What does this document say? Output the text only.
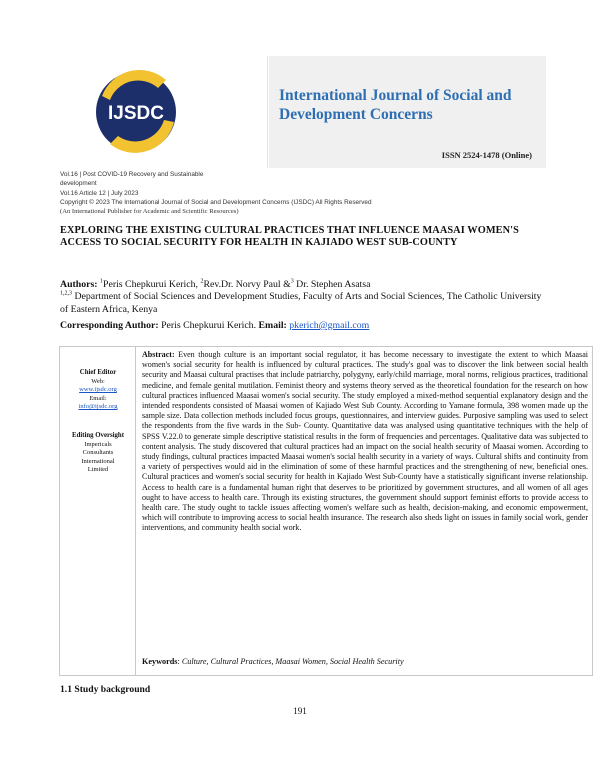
IJSDC
International Journal of Social and Development Concerns
ISSN 2524-1478 (Online)
Vol.16 | Post COVID-19 Recovery and Sustainable
development
Vol.16 Article 12 | July 2023
Copyright © 2023 The International Journal of Social and Development Concerns (IJSDC) All Rights Reserved
(An International Publisher for Academic and Scientific Resources)
EXPLORING THE EXISTING CULTURAL PRACTICES THAT INFLUENCE MAASAI WOMEN'S ACCESS TO SOCIAL SECURITY FOR HEALTH IN KAJIADO WEST SUB-COUNTY
Authors: $^1$Peris Chepkurui Kerich, $^2$Rev.Dr. Norvy Paul &$^3$ Dr. Stephen Asatsa
$^{1,2,3}$ Department of Social Sciences and Development Studies, Faculty of Arts and Social Sciences, The Catholic University of Eastern Africa, Kenya
Corresponding Author: Peris Chepkurui Kerich. Email: pkerich@gmail.com
Chief Editor
Web:
www.ijsdc.org
Email:
info@ijsdc.org
Editing Oversight
Impericals
Consultants
International
Limited
Abstract: Even though culture is an important social regulator, it has become necessary to investigate the extent to which Maasai women's social security for health is influenced by cultural practices. The study's goal was to discover the link between social health security and Maasai cultural practises that include patriarchy, polygyny, early/child marriage, moral norms, religious practices, traditional medicine, and female genital mutilation. Feminist theory and systems theory served as the theoretical foundation for the research on how cultural practices influenced Maasai women's social security. The study employed a mixed-method sequential explanatory design and the intended respondents consisted of Maasai women of Kajiado West Sub County. According to Yamane formula, 398 women made up the sample size. Data collection methods included focus groups, questionnaires, and interview guides. Purposive sampling was used to select the respondents from the five wards in the Sub- County. Quantitative data was analysed using quantitative techniques with the help of SPSS V.22.0 to generate simple descriptive statistical results in the form of frequencies and percentages. Qualitative data was subjected to content analysis. The study discovered that cultural practices had an impact on the social health security of Maasai women. According to study findings, cultural practices impacted Maasai women's social health security in a variety of ways. Cultural shifts and continuity from a variety of perspectives would aid in the elimination of some of these harmful practices and the strengthening of new, beneficial ones. Cultural practices and women's social security for health in Kajiado West Sub-County have a statistically significant inverse relationship. Access to health care is a fundamental human right that deserves to be prioritized by government structures, and all women of all ages ought to have access to health care. Through its existing structures, the government should support feminist efforts to provide access to health care. The study ought to tackle issues affecting women's welfare such as health, decision-making, and economic empowerment, which will contribute to improving access to social health insurance. The research also sheds light on issues in family social work, gender interventions, and community health social work.
Keywords: Culture, Cultural Practices, Maasai Women, Social Health Security
1.1 Study background
191
